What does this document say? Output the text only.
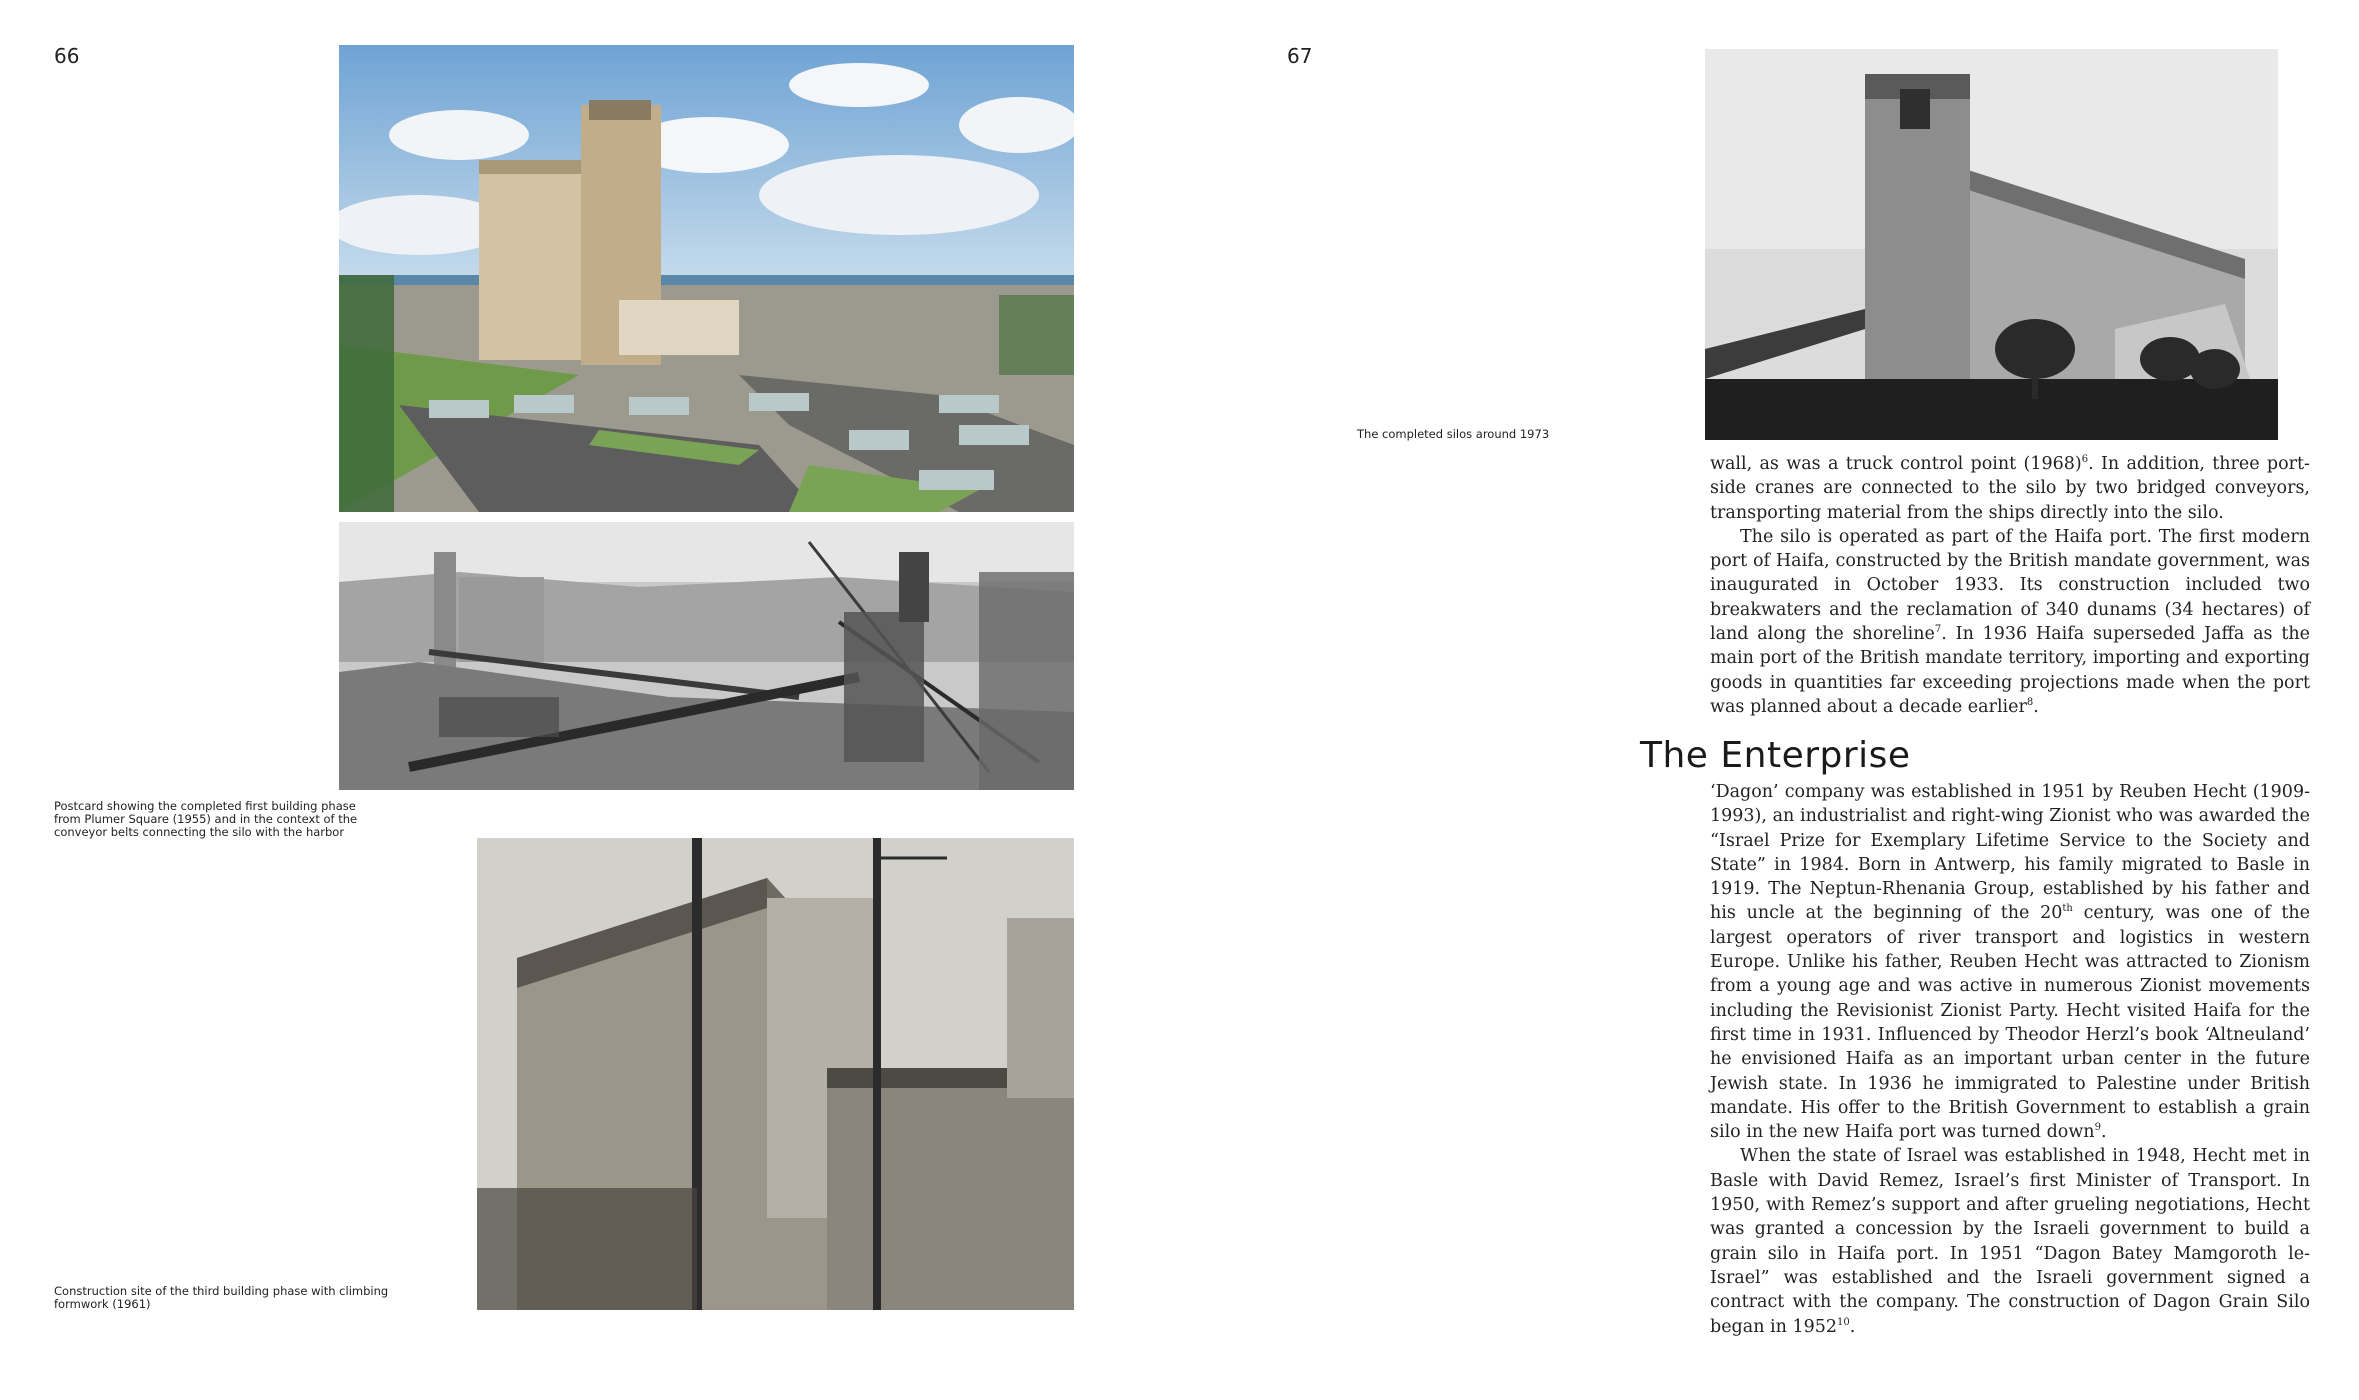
66
Postcard showing the completed first building phase from Plumer Square (1955) and in the context of the conveyor belts connecting the silo with the harbor
Construction site of the third building phase with climbing formwork (1961)
67
The completed silos around 1973

wall, as was a truck control point $(1968)^6$. In addition, three port-side cranes are connected to the silo by two bridged conveyors, transporting material from the ships directly into the silo.

The silo is operated as part of the Haifa port. The first modern port of Haifa, constructed by the British mandate government, was inaugurated in October 1933. Its construction included two breakwaters and the reclamation of 340 dunams (34 hectares) of land along the shoreline$^7$. In 1936 Haifa superseded Jaffa as the main port of the British mandate territory, importing and exporting goods in quantities far exceeding projections made when the port was planned about a decade earlier$^8$.

The Enterprise

‘Dagon’ company was established in 1951 by Reuben Hecht (1909-1993), an industrialist and right-wing Zionist who was awarded the “Israel Prize for Exemplary Lifetime Service to the Society and State” in 1984. Born in Antwerp, his family migrated to Basle in 1919. The Neptun-Rhenania Group, established by his father and his uncle at the beginning of the 20th century, was one of the largest operators of river transport and logistics in western Europe. Unlike his father, Reuben Hecht was attracted to Zionism from a young age and was active in numerous Zionist movements including the Revisionist Zionist Party. Hecht visited Haifa for the first time in 1931. Influenced by Theodor Herzl’s book ‘Altneuland’ he envisioned Haifa as an important urban center in the future Jewish state. In 1936 he immigrated to Palestine under British mandate. His offer to the British Government to establish a grain silo in the new Haifa port was turned down$^9$.

When the state of Israel was established in 1948, Hecht met in Basle with David Remez, Israel’s first Minister of Transport. In 1950, with Remez’s support and after grueling negotiations, Hecht was granted a concession by the Israeli government to build a grain silo in Haifa port. In 1951 “Dagon Batey Mamgoroth le-Israel” was established and the Israeli government signed a contract with the company. The construction of Dagon Grain Silo began in 1952$^{10}$.
